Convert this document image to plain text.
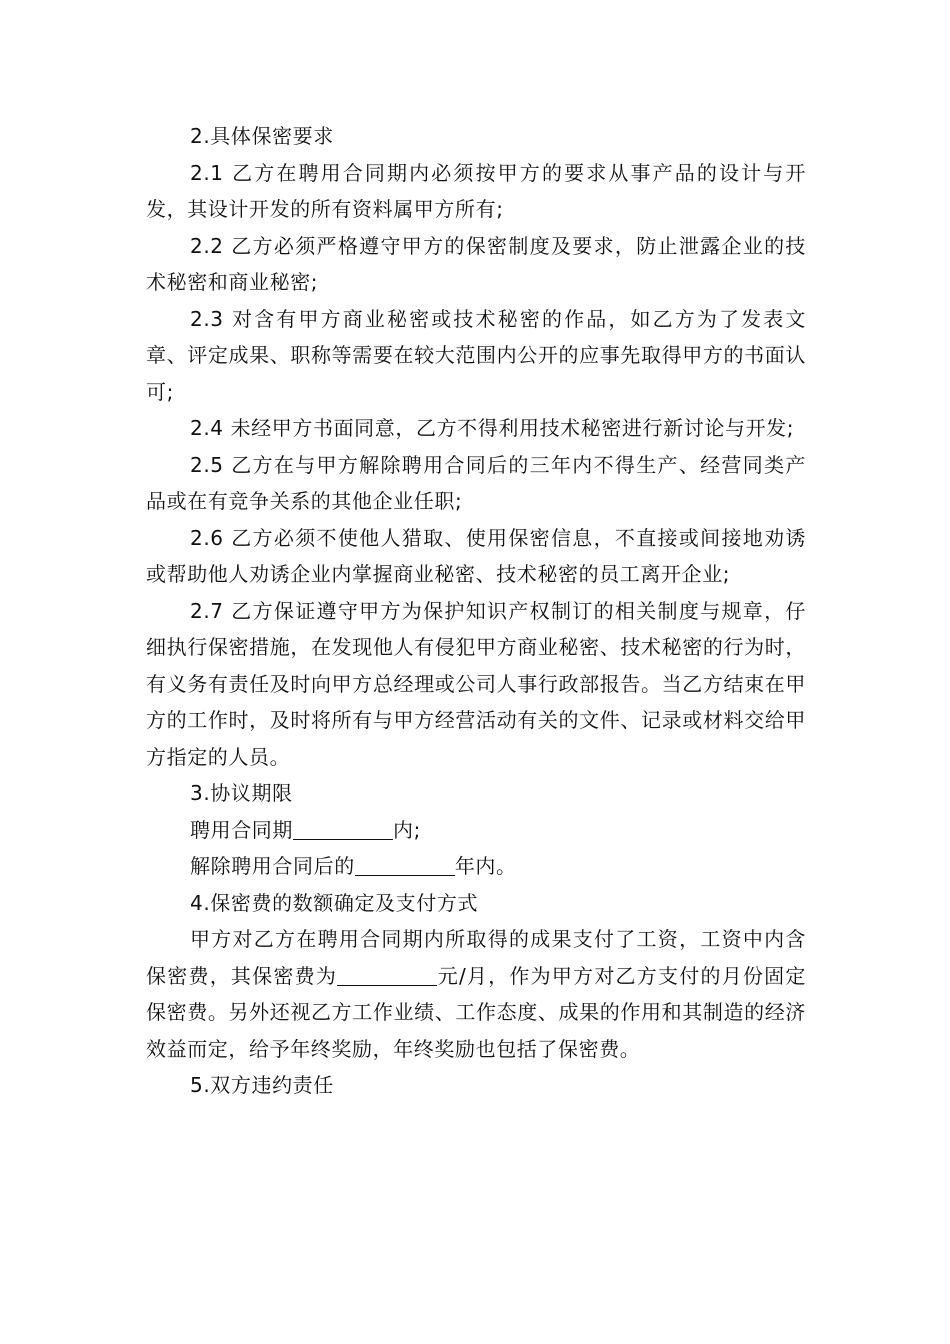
2.具体保密要求

2.1 乙方在聘用合同期内必须按甲方的要求从事产品的设计与开发，其设计开发的所有资料属甲方所有;

2.2 乙方必须严格遵守甲方的保密制度及要求，防止泄露企业的技术秘密和商业秘密;

2.3 对含有甲方商业秘密或技术秘密的作品，如乙方为了发表文章、评定成果、职称等需要在较大范围内公开的应事先取得甲方的书面认可;

2.4 未经甲方书面同意，乙方不得利用技术秘密进行新讨论与开发;

2.5 乙方在与甲方解除聘用合同后的三年内不得生产、经营同类产品或在有竞争关系的其他企业任职;

2.6 乙方必须不使他人猎取、使用保密信息，不直接或间接地劝诱或帮助他人劝诱企业内掌握商业秘密、技术秘密的员工离开企业;

2.7 乙方保证遵守甲方为保护知识产权制订的相关制度与规章，仔细执行保密措施，在发现他人有侵犯甲方商业秘密、技术秘密的行为时，有义务有责任及时向甲方总经理或公司人事行政部报告。当乙方结束在甲方的工作时，及时将所有与甲方经营活动有关的文件、记录或材料交给甲方指定的人员。

3.协议期限

聘用合同期	内;

解除聘用合同后的	年内。

4.保密费的数额确定及支付方式

甲方对乙方在聘用合同期内所取得的成果支付了工资，工资中内含保密费，其保密费为	元/月，作为甲方对乙方支付的月份固定保密费。另外还视乙方工作业绩、工作态度、成果的作用和其制造的经济效益而定，给予年终奖励，年终奖励也包括了保密费。

5.双方违约责任
